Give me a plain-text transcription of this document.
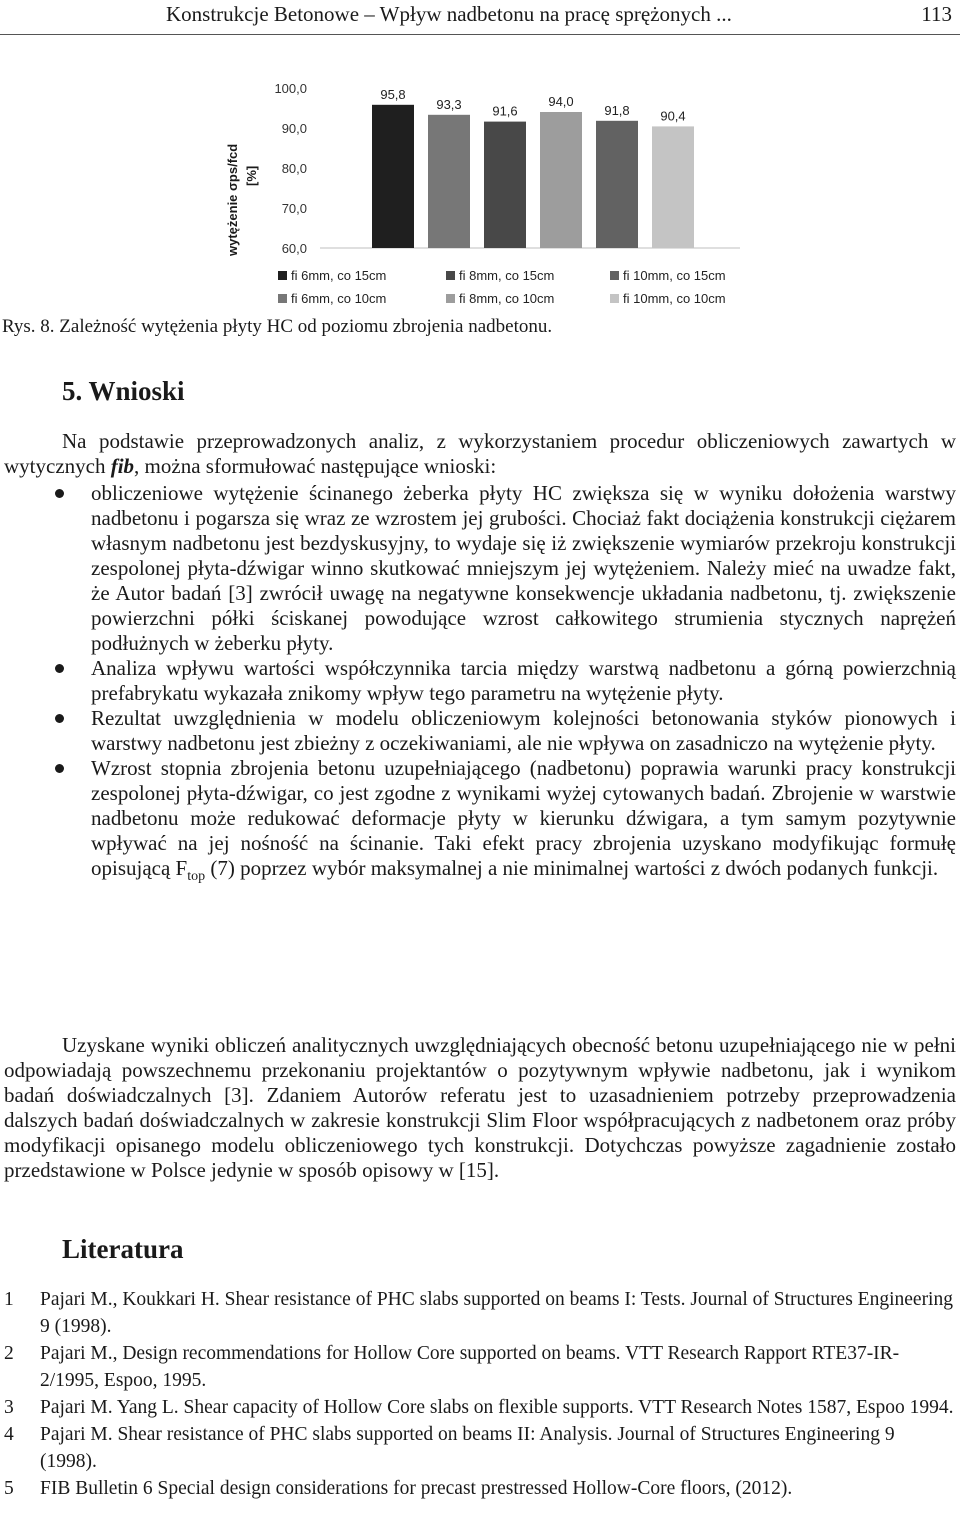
Konstrukcje Betonowe – Wpływ nadbetonu na pracę sprężonych ...	113
wytężenie σps/fcd [%]
100,0
90,0
80,0
70,0
60,0
95,8
93,3 91,6
94,0
91,8 90,4
fi 6mm, co 15cm	fi 8mm, co 15cm	fi 10mm, co 15cm
fi 6mm, co 10cm	fi 8mm, co 10cm	fi 10mm, co 10cm
Rys. 8. Zależność wytężenia płyty HC od poziomu zbrojenia nadbetonu.
5. Wnioski

Na podstawie przeprowadzonych analiz, z wykorzystaniem procedur obliczeniowych zawartych w wytycznych fib, można sformułować następujące wnioski:

obliczeniowe wytężenie ścinanego żeberka płyty HC zwiększa się w wyniku dołożenia warstwy nadbetonu i pogarsza się wraz ze wzrostem jej grubości. Chociaż fakt dociążenia konstrukcji ciężarem własnym nadbetonu jest bezdyskusyjny, to wydaje się iż zwiększenie wymiarów przekroju konstrukcji zespolonej płyta-dźwigar winno skutkować mniejszym jej wytężeniem. Należy mieć na uwadze fakt, że Autor badań [3] zwrócił uwagę na negatywne konsekwencje układania nadbetonu, tj. zwiększenie powierzchni półki ściskanej powodujące wzrost całkowitego strumienia stycznych naprężeń podłużnych w żeberku płyty.
Analiza wpływu wartości współczynnika tarcia między warstwą nadbetonu a górną powierzchnią prefabrykatu wykazała znikomy wpływ tego parametru na wytężenie płyty.
Rezultat uwzględnienia w modelu obliczeniowym kolejności betonowania styków pionowych i warstwy nadbetonu jest zbieżny z oczekiwaniami, ale nie wpływa on zasadniczo na wytężenie płyty.
Wzrost stopnia zbrojenia betonu uzupełniającego (nadbetonu) poprawia warunki pracy konstrukcji zespolonej płyta-dźwigar, co jest zgodne z wynikami wyżej cytowanych badań. Zbrojenie w warstwie nadbetonu może redukować deformacje płyty w kierunku dźwigara, a tym samym pozytywnie wpływać na jej nośność na ścinanie. Taki efekt pracy zbrojenia uzyskano modyfikując formułę opisującą $F_{top}$ (7) poprzez wybór maksymalnej a nie minimalnej wartości z dwóch podanych funkcji.

Uzyskane wyniki obliczeń analitycznych uwzględniających obecność betonu uzupełniającego nie w pełni odpowiadają powszechnemu przekonaniu projektantów o pozytywnym wpływie nadbetonu, jak i wynikom badań doświadczalnych [3]. Zdaniem Autorów referatu jest to uzasadnieniem potrzeby przeprowadzenia dalszych badań doświadczalnych w zakresie konstrukcji Slim Floor współpracujących z nadbetonem oraz próby modyfikacji opisanego modelu obliczeniowego tych konstrukcji. Dotychczas powyższe zagadnienie zostało przedstawione w Polsce jedynie w sposób opisowy w [15].

Literatura
1 Pajari M., Koukkari H. Shear resistance of PHC slabs supported on beams I: Tests. Journal of Structures Engineering 9 (1998).
2 Pajari M., Design recommendations for Hollow Core supported on beams. VTT Research Rapport RTE37-IR-2/1995, Espoo, 1995.
3 Pajari M. Yang L. Shear capacity of Hollow Core slabs on flexible supports. VTT Research Notes 1587, Espoo 1994.
4 Pajari M. Shear resistance of PHC slabs supported on beams II: Analysis. Journal of Structures Engineering 9 (1998).
5 FIB Bulletin 6 Special design considerations for precast prestressed Hollow-Core floors, (2012).
